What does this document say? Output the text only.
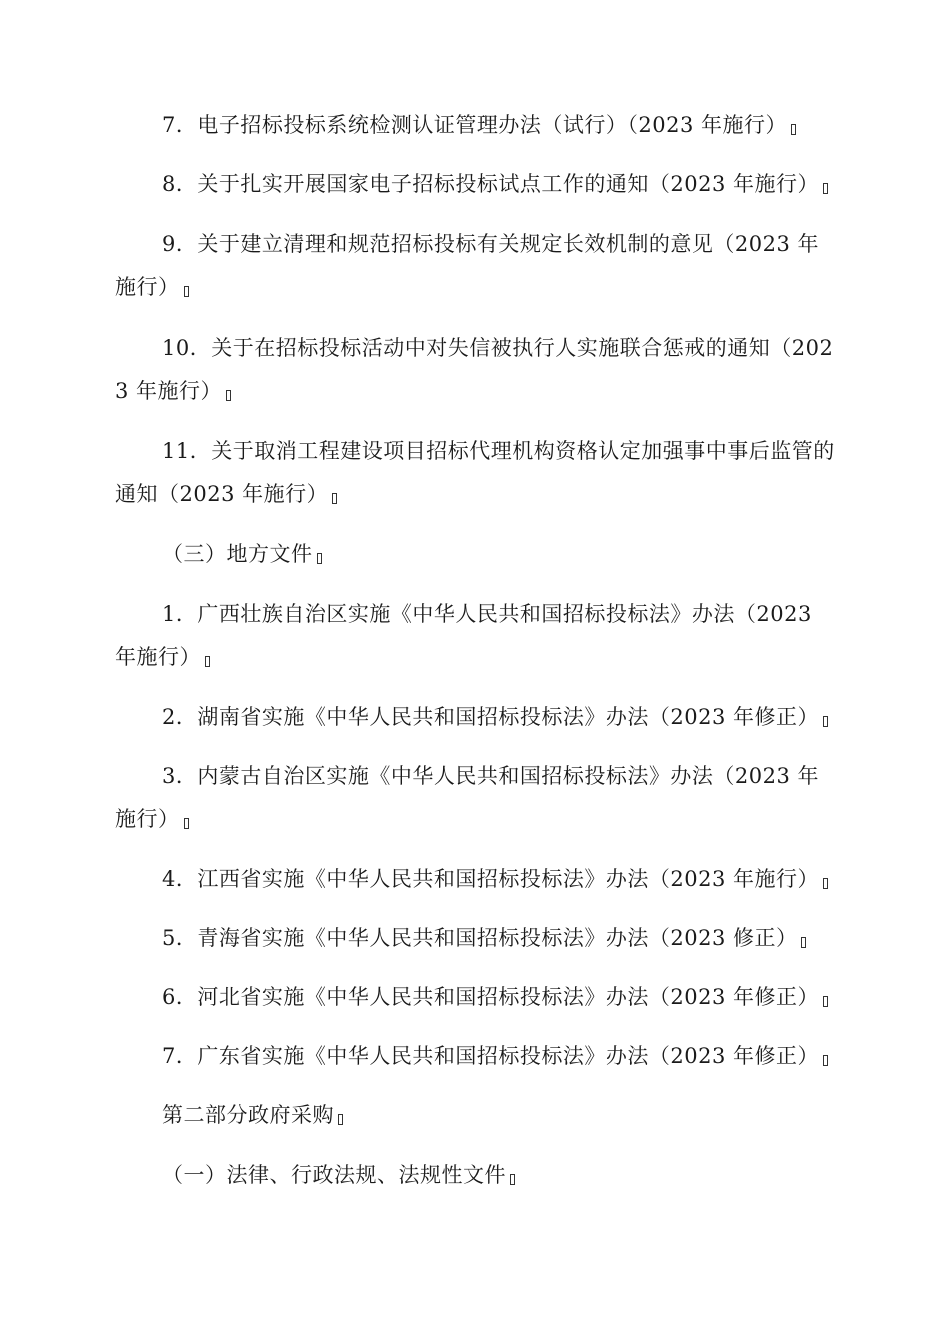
7．电子招标投标系统检测认证管理办法（试行）（2023 年施行）
8．关于扎实开展国家电子招标投标试点工作的通知（2023 年施行）
9．关于建立清理和规范招标投标有关规定长效机制的意见（2023 年施行）
10．关于在招标投标活动中对失信被执行人实施联合惩戒的通知（2023 年施行）
11．关于取消工程建设项目招标代理机构资格认定加强事中事后监管的通知（2023 年施行）
（三）地方文件
1．广西壮族自治区实施《中华人民共和国招标投标法》办法（2023 年施行）
2．湖南省实施《中华人民共和国招标投标法》办法（2023 年修正）
3．内蒙古自治区实施《中华人民共和国招标投标法》办法（2023 年施行）
4．江西省实施《中华人民共和国招标投标法》办法（2023 年施行）
5．青海省实施《中华人民共和国招标投标法》办法（2023 修正）
6．河北省实施《中华人民共和国招标投标法》办法（2023 年修正）
7．广东省实施《中华人民共和国招标投标法》办法（2023 年修正）
第二部分政府采购
（一）法律、行政法规、法规性文件
